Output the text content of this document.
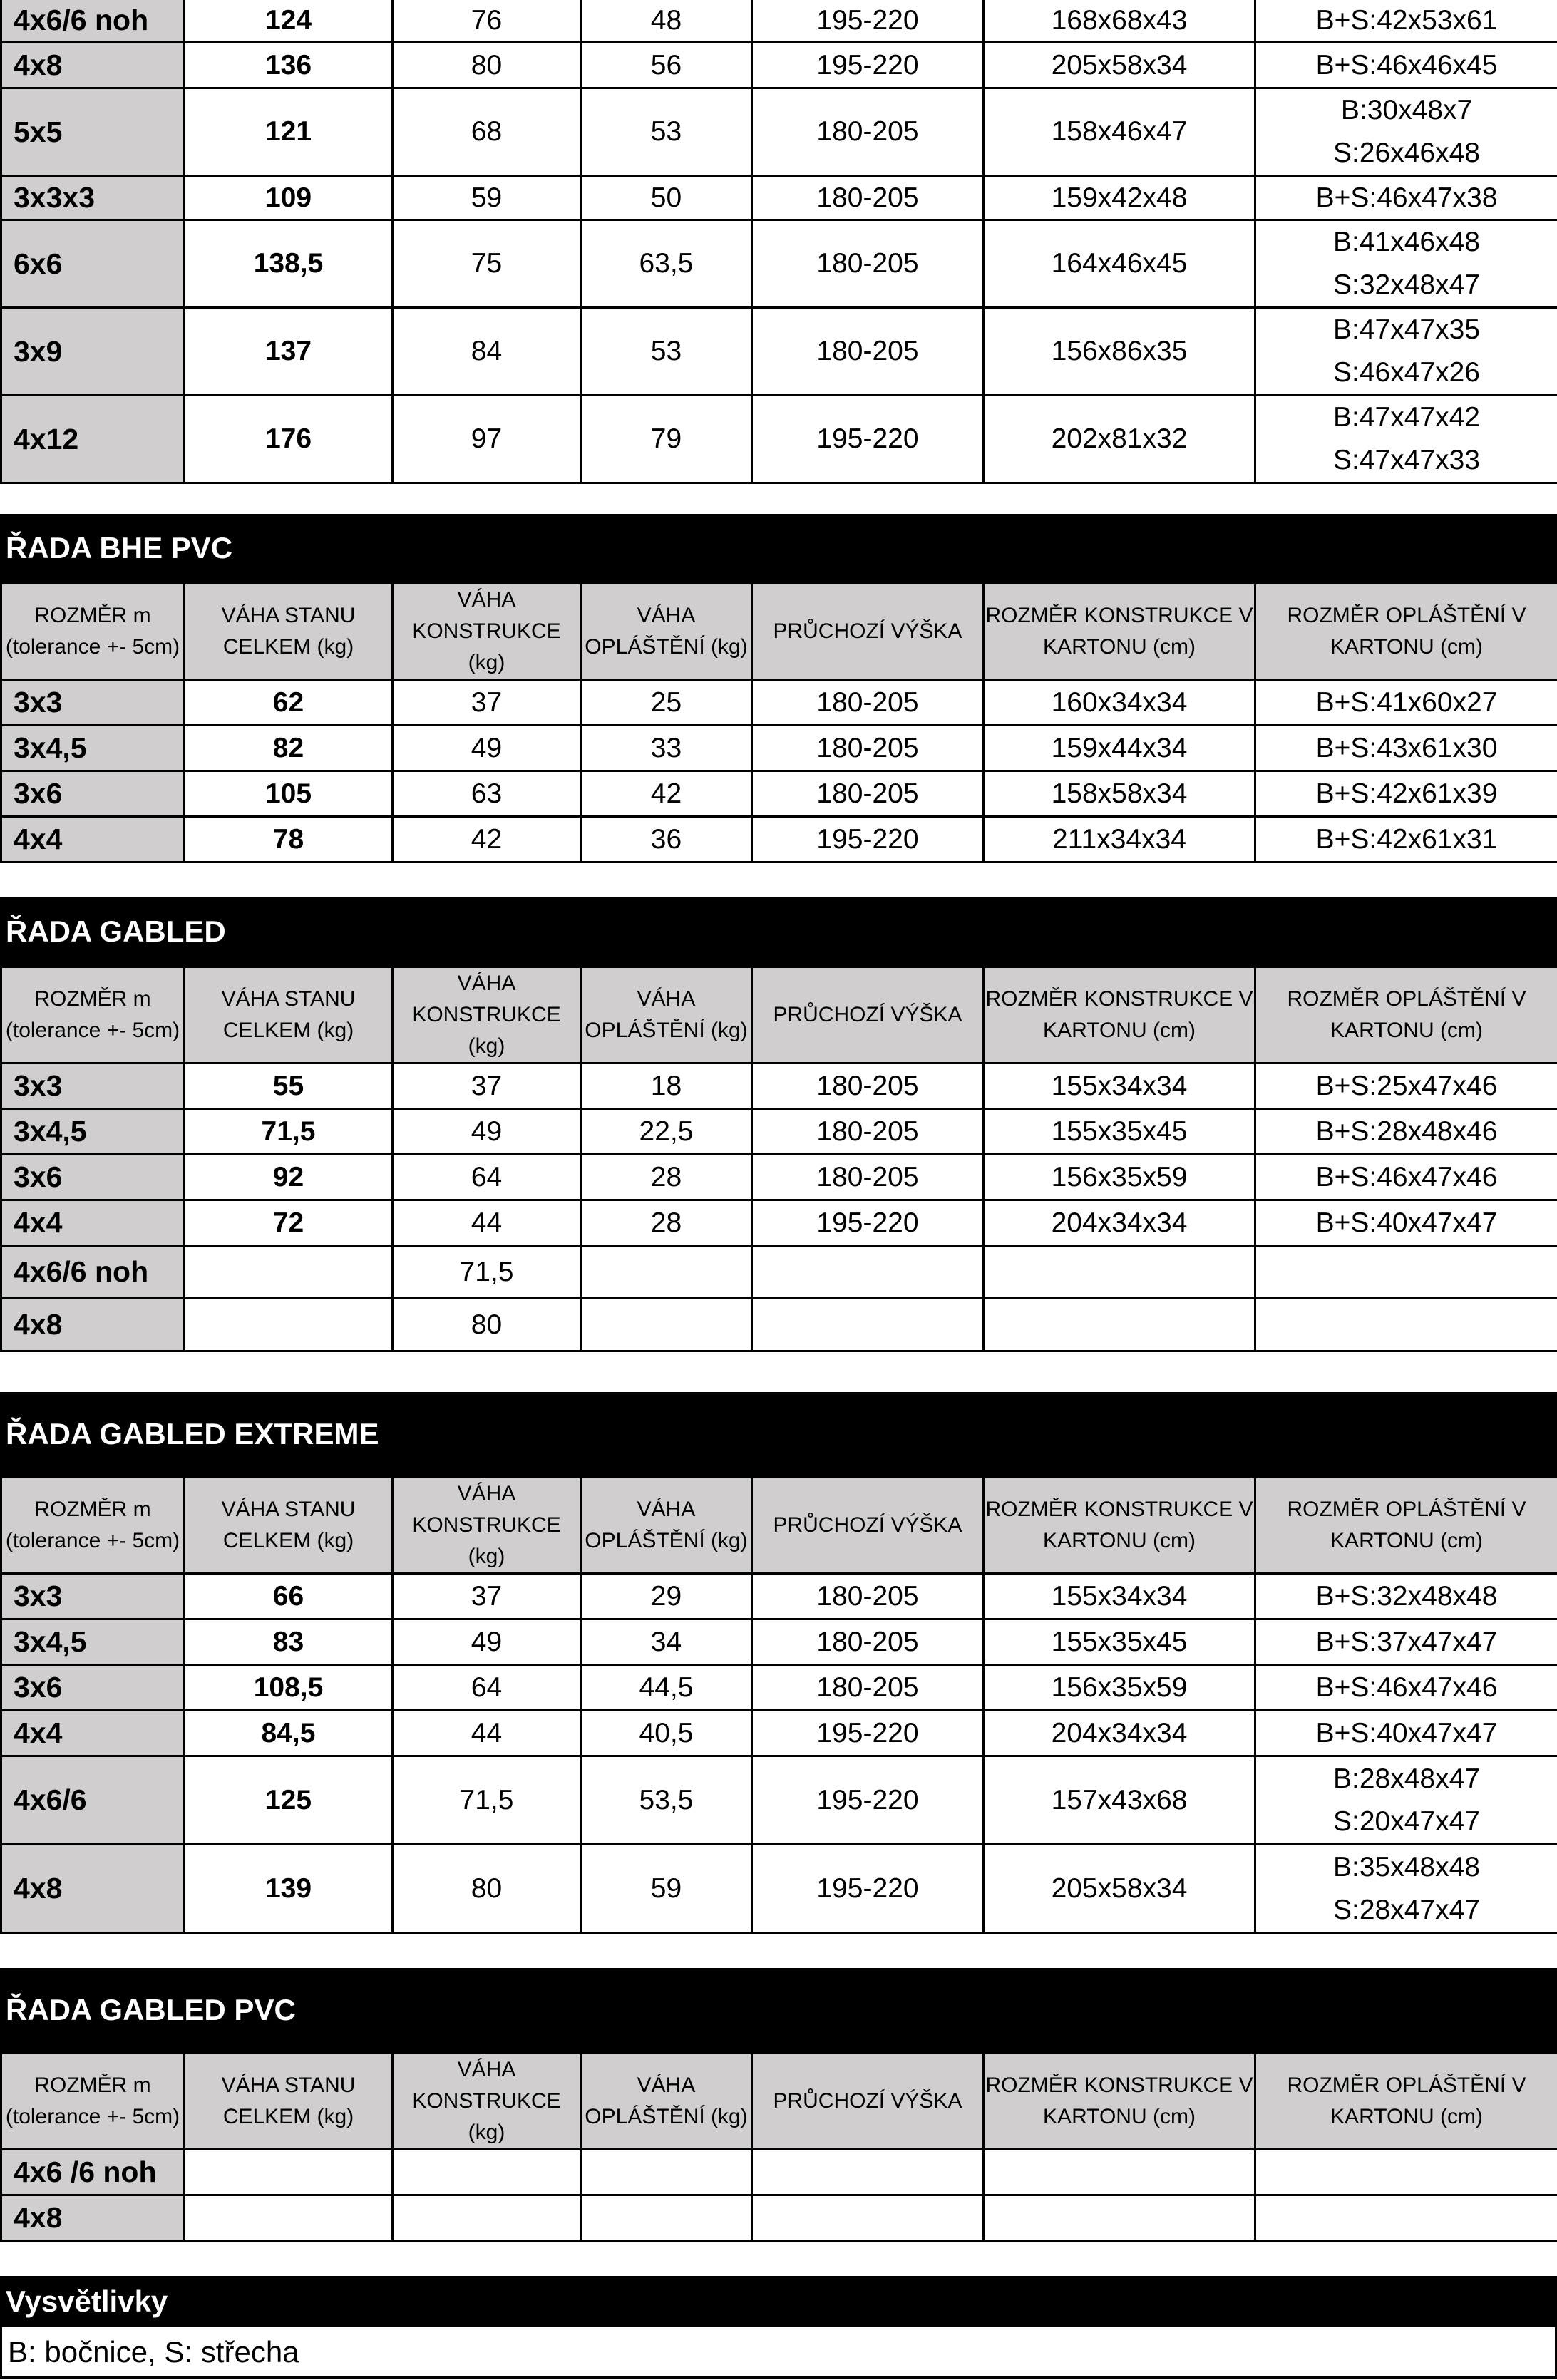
4x6/6 noh	124	76	48	195-220	168x68x43	B+S:42x53x61

4x8	136	80	56	195-220	205x58x34	B+S:46x46x45

5x5	121	68	53	180-205	158x46x47	B:30x48x7
S:26x46x48

3x3x3	109	59	50	180-205	159x42x48	B+S:46x47x38

6x6	138,5	75	63,5	180-205	164x46x45	B:41x46x48
S:32x48x47

3x9	137	84	53	180-205	156x86x35	B:47x47x35
S:46x47x26

4x12	176	97	79	195-220	202x81x32	B:47x47x42
S:47x47x33
ŘADA BHE PVC
ROZMĚR m (tolerance +- 5cm)	VÁHA STANU CELKEM (kg)	VÁHA KONSTRUKCE (kg)	VÁHA OPLÁŠTĚNÍ (kg)	PRŮCHOZÍ VÝŠKA	ROZMĚR KONSTRUKCE V KARTONU (cm)	ROZMĚR OPLÁŠTĚNÍ V KARTONU (cm)
3x3	62	37	25	180-205	160x34x34	B+S:41x60x27

3x4,5	82	49	33	180-205	159x44x34	B+S:43x61x30

3x6	105	63	42	180-205	158x58x34	B+S:42x61x39

4x4	78	42	36	195-220	211x34x34	B+S:42x61x31
ŘADA GABLED
ROZMĚR m (tolerance +- 5cm)	VÁHA STANU CELKEM (kg)	VÁHA KONSTRUKCE (kg)	VÁHA OPLÁŠTĚNÍ (kg)	PRŮCHOZÍ VÝŠKA	ROZMĚR KONSTRUKCE V KARTONU (cm)	ROZMĚR OPLÁŠTĚNÍ V KARTONU (cm)
3x3	55	37	18	180-205	155x34x34	B+S:25x47x46

3x4,5	71,5	49	22,5	180-205	155x35x45	B+S:28x48x46

3x6	92	64	28	180-205	156x35x59	B+S:46x47x46

4x4	72	44	28	195-220	204x34x34	B+S:40x47x47

4x6/6 noh		71,5				

4x8		80				
ŘADA GABLED EXTREME
ROZMĚR m (tolerance +- 5cm)	VÁHA STANU CELKEM (kg)	VÁHA KONSTRUKCE (kg)	VÁHA OPLÁŠTĚNÍ (kg)	PRŮCHOZÍ VÝŠKA	ROZMĚR KONSTRUKCE V KARTONU (cm)	ROZMĚR OPLÁŠTĚNÍ V KARTONU (cm)
3x3	66	37	29	180-205	155x34x34	B+S:32x48x48

3x4,5	83	49	34	180-205	155x35x45	B+S:37x47x47

3x6	108,5	64	44,5	180-205	156x35x59	B+S:46x47x46

4x4	84,5	44	40,5	195-220	204x34x34	B+S:40x47x47

4x6/6	125	71,5	53,5	195-220	157x43x68	B:28x48x47
S:20x47x47

4x8	139	80	59	195-220	205x58x34	B:35x48x48
S:28x47x47
ŘADA GABLED PVC
ROZMĚR m (tolerance +- 5cm)	VÁHA STANU CELKEM (kg)	VÁHA KONSTRUKCE (kg)	VÁHA OPLÁŠTĚNÍ (kg)	PRŮCHOZÍ VÝŠKA	ROZMĚR KONSTRUKCE V KARTONU (cm)	ROZMĚR OPLÁŠTĚNÍ V KARTONU (cm)
4x6 /6 noh						

4x8						
Vysvětlivky
B: bočnice, S: střecha
